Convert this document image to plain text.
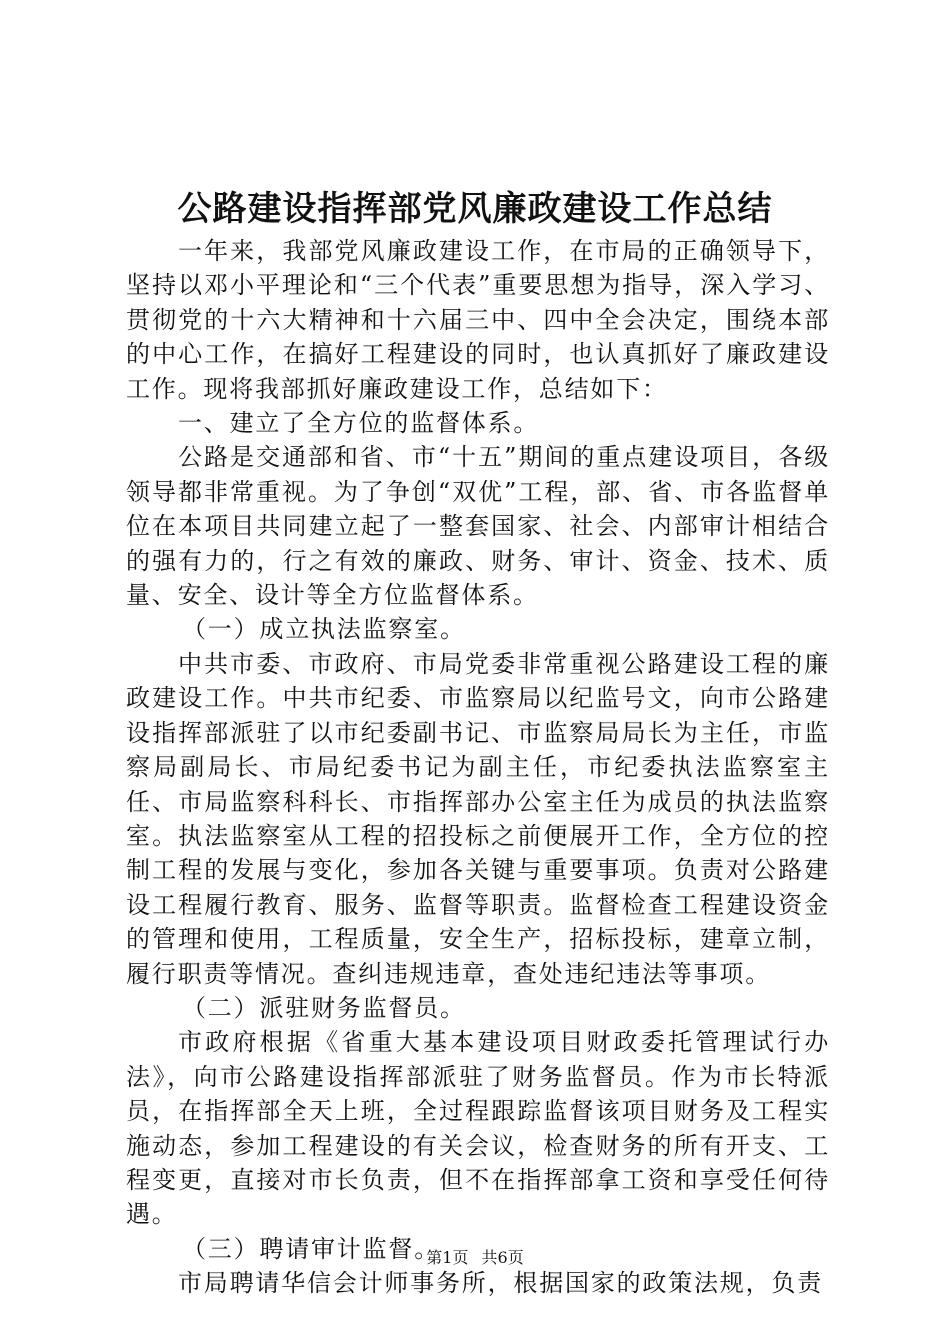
公路建设指挥部党风廉政建设工作总结

一年来，我部党风廉政建设工作，在市局的正确领导下，坚持以邓小平理论和“三个代表”重要思想为指导，深入学习、贯彻党的十六大精神和十六届三中、四中全会决定，围绕本部的中心工作，在搞好工程建设的同时，也认真抓好了廉政建设工作。现将我部抓好廉政建设工作，总结如下：

一、建立了全方位的监督体系。

公路是交通部和省、市“十五”期间的重点建设项目，各级领导都非常重视。为了争创“双优”工程，部、省、市各监督单位在本项目共同建立起了一整套国家、社会、内部审计相结合的强有力的，行之有效的廉政、财务、审计、资金、技术、质量、安全、设计等全方位监督体系。

（一）成立执法监察室。

中共市委、市政府、市局党委非常重视公路建设工程的廉政建设工作。中共市纪委、市监察局以纪监号文，向市公路建设指挥部派驻了以市纪委副书记、市监察局局长为主任，市监察局副局长、市局纪委书记为副主任，市纪委执法监察室主任、市局监察科科长、市指挥部办公室主任为成员的执法监察室。执法监察室从工程的招投标之前便展开工作，全方位的控制工程的发展与变化，参加各关键与重要事项。负责对公路建设工程履行教育、服务、监督等职责。监督检查工程建设资金的管理和使用，工程质量，安全生产，招标投标，建章立制，履行职责等情况。查纠违规违章，查处违纪违法等事项。

（二）派驻财务监督员。

市政府根据《省重大基本建设项目财政委托管理试行办法》，向市公路建设指挥部派驻了财务监督员。作为市长特派员，在指挥部全天上班，全过程跟踪监督该项目财务及工程实施动态，参加工程建设的有关会议，检查财务的所有开支、工程变更，直接对市长负责，但不在指挥部拿工资和享受任何待遇。

（三）聘请审计监督。

市局聘请华信会计师事务所，根据国家的政策法规，负责

第1页 共6页
